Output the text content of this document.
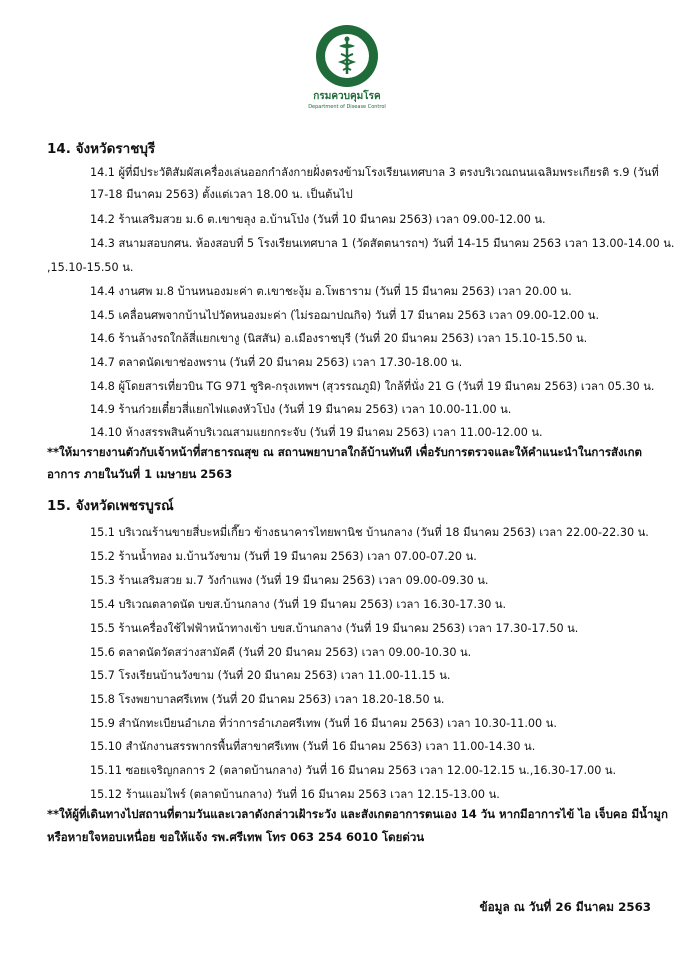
กรมควบคุมโรค
Department of Disease Control
14. จังหวัดราชบุรี
14.1 ผู้ที่มีประวัติสัมผัสเครื่องเล่นออกกำลังกายฝั่งตรงข้ามโรงเรียนเทศบาล 3 ตรงบริเวณถนนเฉลิมพระเกียรติ ร.9 (วันที่
17-18 มีนาคม 2563) ตั้งแต่เวลา 18.00 น. เป็นต้นไป
14.2 ร้านเสริมสวย ม.6 ต.เขาขลุง อ.บ้านโป่ง (วันที่ 10 มีนาคม 2563) เวลา 09.00-12.00 น.
14.3 สนามสอบกศน. ห้องสอบที่ 5 โรงเรียนเทศบาล 1 (วัดสัตตนารถฯ) วันที่ 14-15 มีนาคม 2563 เวลา 13.00-14.00 น.
,15.10-15.50 น.
14.4 งานศพ ม.8 บ้านหนองมะค่า ต.เขาชะงุ้ม อ.โพธาราม (วันที่ 15 มีนาคม 2563) เวลา 20.00 น.
14.5 เคลื่อนศพจากบ้านไปวัดหนองมะค่า (ไม่รอฌาปณกิจ) วันที่ 17 มีนาคม 2563 เวลา 09.00-12.00 น.
14.6 ร้านล้างรถใกล้สี่แยกเขางู (นิสสัน) อ.เมืองราชบุรี (วันที่ 20 มีนาคม 2563) เวลา 15.10-15.50 น.
14.7 ตลาดนัดเขาช่องพราน (วันที่ 20 มีนาคม 2563) เวลา 17.30-18.00 น.
14.8 ผู้โดยสารเที่ยวบิน TG 971 ซูริค-กรุงเทพฯ (สุวรรณภูมิ) ใกล้ที่นั่ง 21 G (วันที่ 19 มีนาคม 2563) เวลา 05.30 น.
14.9 ร้านก๋วยเตี๋ยวสี่แยกไฟแดงหัวโป่ง (วันที่ 19 มีนาคม 2563) เวลา 10.00-11.00 น.
14.10 ห้างสรรพสินค้าบริเวณสามแยกกระจับ (วันที่ 19 มีนาคม 2563) เวลา 11.00-12.00 น.
**ให้มารายงานตัวกับเจ้าหน้าที่สาธารณสุข ณ สถานพยาบาลใกล้บ้านทันที เพื่อรับการตรวจและให้คำแนะนำในการสังเกต
อาการ ภายในวันที่ 1 เมษายน 2563
15. จังหวัดเพชรบูรณ์
15.1 บริเวณร้านขายสี่บะหมี่เกี๊ยว ข้างธนาคารไทยพานิช บ้านกลาง (วันที่ 18 มีนาคม 2563) เวลา 22.00-22.30 น.
15.2 ร้านน้ำทอง ม.บ้านวังขาม (วันที่ 19 มีนาคม 2563) เวลา 07.00-07.20 น.
15.3 ร้านเสริมสวย ม.7 วังกำแพง (วันที่ 19 มีนาคม 2563) เวลา 09.00-09.30 น.
15.4 บริเวณตลาดนัด บขส.บ้านกลาง (วันที่ 19 มีนาคม 2563) เวลา 16.30-17.30 น.
15.5 ร้านเครื่องใช้ไฟฟ้าหน้าทางเข้า บขส.บ้านกลาง (วันที่ 19 มีนาคม 2563) เวลา 17.30-17.50 น.
15.6 ตลาดนัดวัดสว่างสามัคคี (วันที่ 20 มีนาคม 2563) เวลา 09.00-10.30 น.
15.7 โรงเรียนบ้านวังขาม (วันที่ 20 มีนาคม 2563) เวลา 11.00-11.15 น.
15.8 โรงพยาบาลศรีเทพ (วันที่ 20 มีนาคม 2563) เวลา 18.20-18.50 น.
15.9 สำนักทะเบียนอำเภอ ที่ว่าการอำเภอศรีเทพ (วันที่ 16 มีนาคม 2563) เวลา 10.30-11.00 น.
15.10 สำนักงานสรรพากรพื้นที่สาขาศรีเทพ (วันที่ 16 มีนาคม 2563) เวลา 11.00-14.30 น.
15.11 ซอยเจริญกลการ 2 (ตลาดบ้านกลาง) วันที่ 16 มีนาคม 2563 เวลา 12.00-12.15 น.,16.30-17.00 น.
15.12 ร้านแอมไพร์ (ตลาดบ้านกลาง) วันที่ 16 มีนาคม 2563 เวลา 12.15-13.00 น.
**ให้ผู้ที่เดินทางไปสถานที่ตามวันและเวลาดังกล่าวเฝ้าระวัง และสังเกตอาการตนเอง 14 วัน หากมีอาการไข้ ไอ เจ็บคอ มีน้ำมูก
หรือหายใจหอบเหนื่อย ขอให้แจ้ง รพ.ศรีเทพ โทร 063 254 6010 โดยด่วน
ข้อมูล ณ วันที่ 26 มีนาคม 2563
